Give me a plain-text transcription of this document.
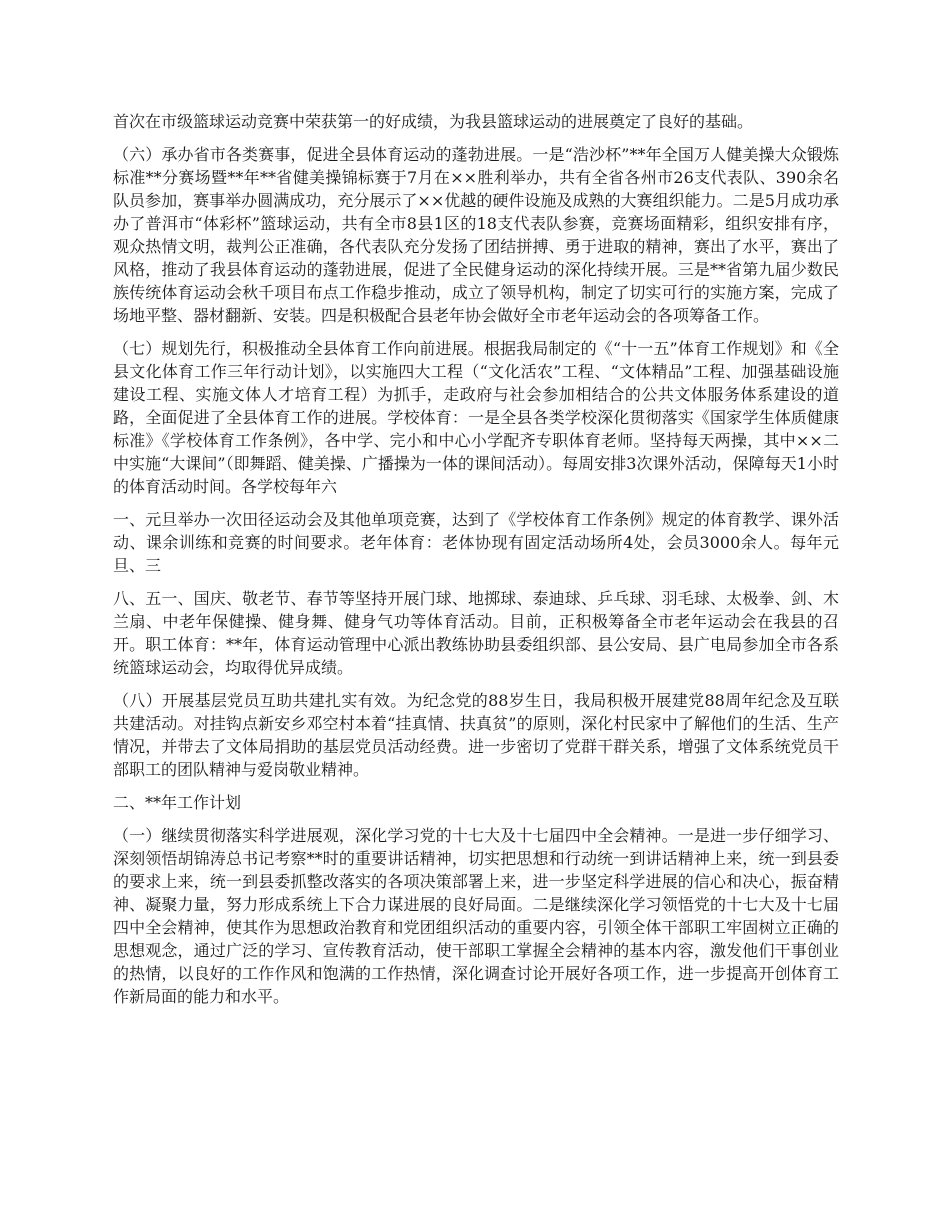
首次在市级篮球运动竞赛中荣获第一的好成绩，为我县篮球运动的进展奠定了良好的基础。

（六）承办省市各类赛事，促进全县体育运动的蓬勃进展。一是“浩沙杯”**年全国万人健美操大众锻炼标准**分赛场暨**年**省健美操锦标赛于7月在××胜利举办，共有全省各州市26支代表队、390余名队员参加，赛事举办圆满成功，充分展示了××优越的硬件设施及成熟的大赛组织能力。二是5月成功承办了普洱市“体彩杯”篮球运动，共有全市8县1区的18支代表队参赛，竞赛场面精彩，组织安排有序，观众热情文明，裁判公正准确，各代表队充分发扬了团结拼搏、勇于进取的精神，赛出了水平，赛出了风格，推动了我县体育运动的蓬勃进展，促进了全民健身运动的深化持续开展。三是**省第九届少数民族传统体育运动会秋千项目布点工作稳步推动，成立了领导机构，制定了切实可行的实施方案，完成了场地平整、器材翻新、安装。四是积极配合县老年协会做好全市老年运动会的各项筹备工作。

（七）规划先行，积极推动全县体育工作向前进展。根据我局制定的《“十一五”体育工作规划》和《全县文化体育工作三年行动计划》，以实施四大工程（“文化活农”工程、“文体精品”工程、加强基础设施建设工程、实施文体人才培育工程）为抓手，走政府与社会参加相结合的公共文体服务体系建设的道路，全面促进了全县体育工作的进展。学校体育：一是全县各类学校深化贯彻落实《国家学生体质健康标准》《学校体育工作条例》，各中学、完小和中心小学配齐专职体育老师。坚持每天两操，其中××二中实施“大课间”（即舞蹈、健美操、广播操为一体的课间活动）。每周安排3次课外活动，保障每天1小时的体育活动时间。各学校每年六

一、元旦举办一次田径运动会及其他单项竞赛，达到了《学校体育工作条例》规定的体育教学、课外活动、课余训练和竞赛的时间要求。老年体育：老体协现有固定活动场所4处，会员3000余人。每年元旦、三

八、五一、国庆、敬老节、春节等坚持开展门球、地掷球、泰迪球、乒乓球、羽毛球、太极拳、剑、木兰扇、中老年保健操、健身舞、健身气功等体育活动。目前，正积极筹备全市老年运动会在我县的召开。职工体育：**年，体育运动管理中心派出教练协助县委组织部、县公安局、县广电局参加全市各系统篮球运动会，均取得优异成绩。

（八）开展基层党员互助共建扎实有效。为纪念党的88岁生日，我局积极开展建党88周年纪念及互联共建活动。对挂钩点新安乡邓空村本着“挂真情、扶真贫”的原则，深化村民家中了解他们的生活、生产情况，并带去了文体局捐助的基层党员活动经费。进一步密切了党群干群关系，增强了文体系统党员干部职工的团队精神与爱岗敬业精神。

二、**年工作计划

（一）继续贯彻落实科学进展观，深化学习党的十七大及十七届四中全会精神。一是进一步仔细学习、深刻领悟胡锦涛总书记考察**时的重要讲话精神，切实把思想和行动统一到讲话精神上来，统一到县委的要求上来，统一到县委抓整改落实的各项决策部署上来，进一步坚定科学进展的信心和决心，振奋精神、凝聚力量，努力形成系统上下合力谋进展的良好局面。二是继续深化学习领悟党的十七大及十七届四中全会精神，使其作为思想政治教育和党团组织活动的重要内容，引领全体干部职工牢固树立正确的思想观念，通过广泛的学习、宣传教育活动，使干部职工掌握全会精神的基本内容，激发他们干事创业的热情，以良好的工作作风和饱满的工作热情，深化调查讨论开展好各项工作，进一步提高开创体育工作新局面的能力和水平。
